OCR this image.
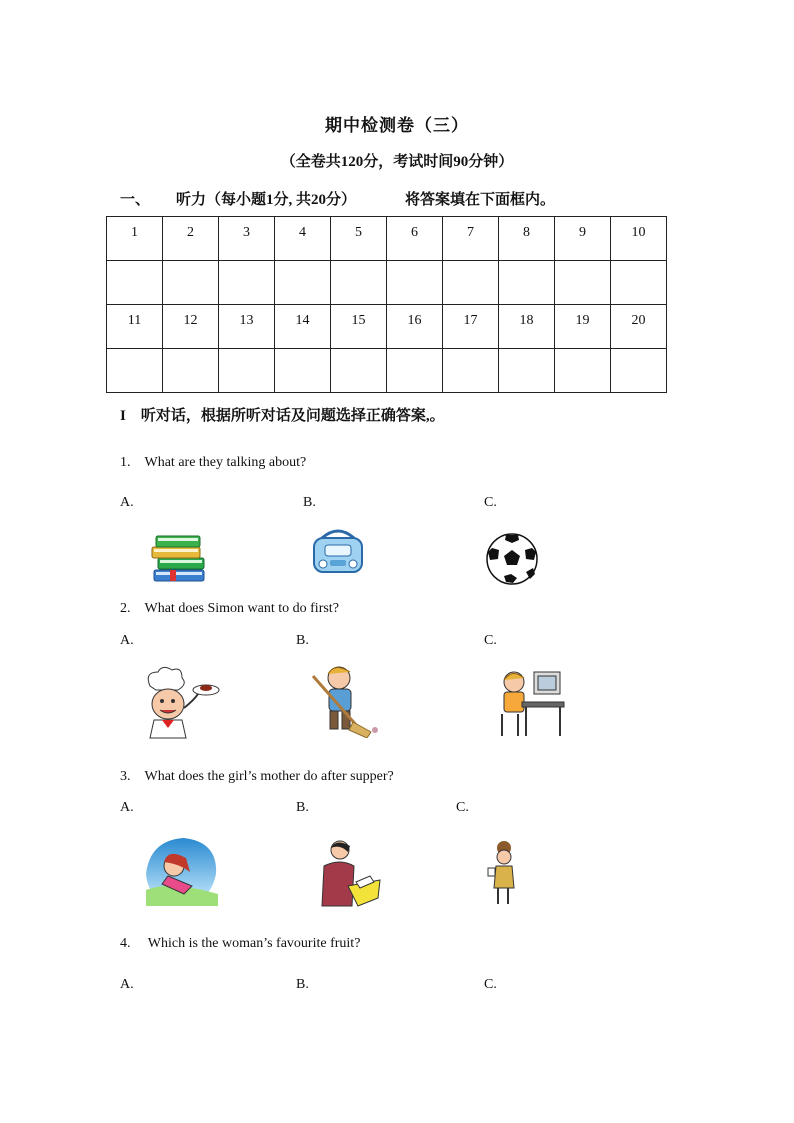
期中检测卷（三）
（全卷共120分，考试时间90分钟）
一、 听力（每小题1分, 共20分）	将答案填在下面框内。
1	2	3	4	5	6	7	8	9	10

11	12	13	14	15	16	17	18	19	20

I　听对话，根据所听对话及问题选择正确答案,。
1.　What are they talking about?
A.	B.	C.
2.　What does Simon want to do first?
A.	B.	C.
3.　What does the girl’s mother do after supper?
A.	B.	C.
4.　 Which is the woman’s favourite fruit?
A.	B.	C.
